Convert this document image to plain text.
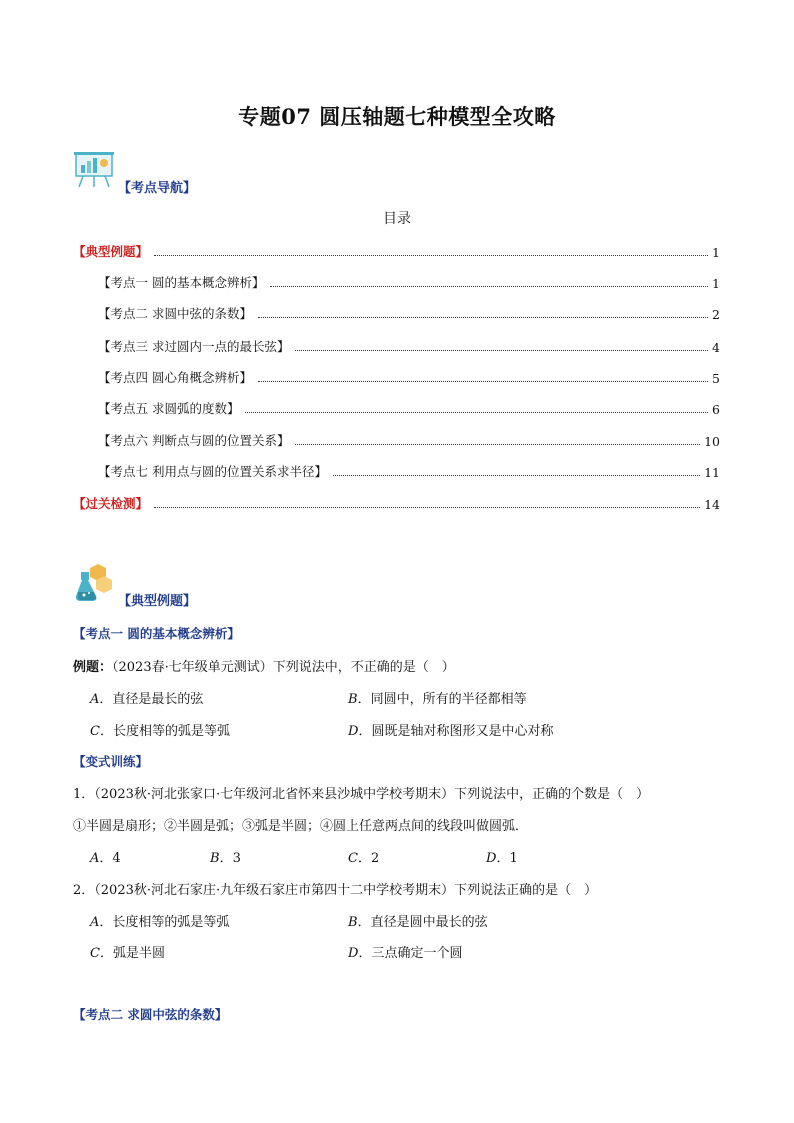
专题07 圆压轴题七种模型全攻略
【考点导航】
目录
【典型例题】	1
【考点一 圆的基本概念辨析】	1
【考点二 求圆中弦的条数】	2
【考点三 求过圆内一点的最长弦】	4
【考点四 圆心角概念辨析】	5
【考点五 求圆弧的度数】	6
【考点六 判断点与圆的位置关系】	10
【考点七 利用点与圆的位置关系求半径】	11
【过关检测】	14
【典型例题】
【考点一 圆的基本概念辨析】
例题：（2023春·七年级单元测试）下列说法中，不正确的是（　）
A．直径是最长的弦	B．同圆中，所有的半径都相等
C．长度相等的弧是等弧	D．圆既是轴对称图形又是中心对称
【变式训练】
1．（2023秋·河北张家口·七年级河北省怀来县沙城中学校考期末）下列说法中，正确的个数是（　）
①半圆是扇形；②半圆是弧；③弧是半圆；④圆上任意两点间的线段叫做圆弧．
A．4	B．3	C．2	D．1
2．（2023秋·河北石家庄·九年级石家庄市第四十二中学校考期末）下列说法正确的是（　）
A．长度相等的弧是等弧	B．直径是圆中最长的弦
C．弧是半圆	D．三点确定一个圆
【考点二 求圆中弦的条数】
